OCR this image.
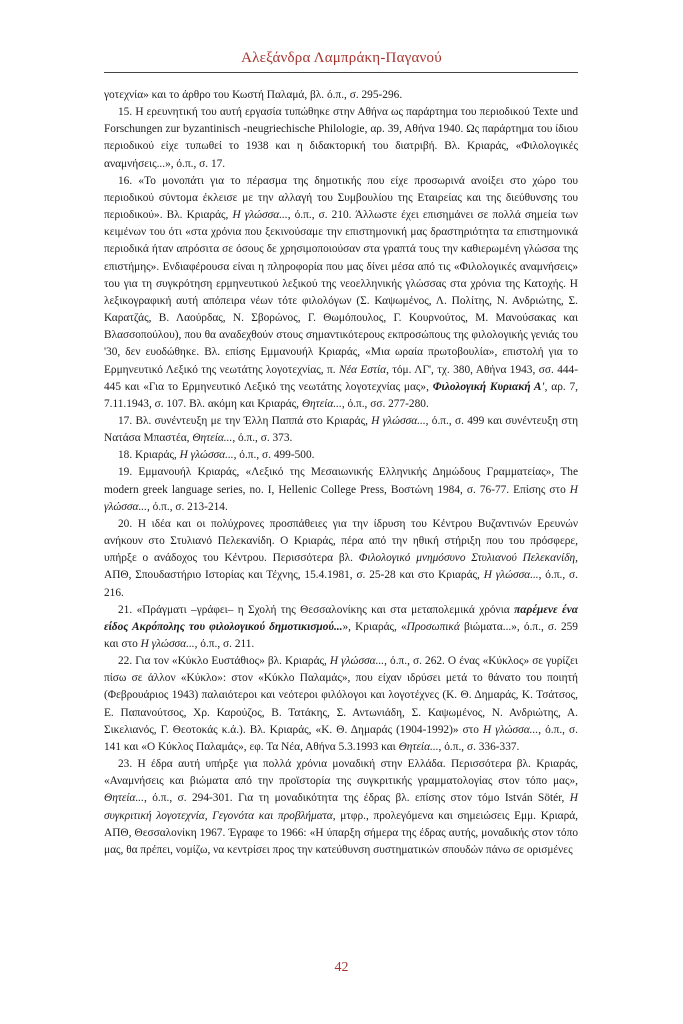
Αλεξάνδρα Λαμπράκη-Παγανού

γοτεχνία» και το άρθρο του Κωστή Παλαμά, βλ. ό.π., σ. 295-296.

15. Η ερευνητική του αυτή εργασία τυπώθηκε στην Αθήνα ως παράρτημα του περιοδικού Texte und Forschungen zur byzantinisch -neugriechische Philologie, αρ. 39, Αθήνα 1940. Ως παράρτημα του ίδιου περιοδικού είχε τυπωθεί το 1938 και η διδακτορική του διατριβή. Βλ. Κριαράς, «Φιλολογικές αναμνήσεις...», ό.π., σ. 17.

16. «Το μονοπάτι για το πέρασμα της δημοτικής που είχε προσωρινά ανοίξει στο χώρο του περιοδικού σύντομα έκλεισε με την αλλαγή του Συμβουλίου της Εταιρείας και της διεύθυνσης του περιοδικού». Βλ. Κριαράς, Η γλώσσα..., ό.π., σ. 210. Άλλωστε έχει επισημάνει σε πολλά σημεία των κειμένων του ότι «στα χρόνια που ξεκινούσαμε την επιστημονική μας δραστηριότητα τα επιστημονικά περιοδικά ήταν απρόσιτα σε όσους δε χρησιμοποιούσαν στα γραπτά τους την καθιερωμένη γλώσσα της επιστήμης». Ενδιαφέρουσα είναι η πληροφορία που μας δίνει μέσα από τις «Φιλολογικές αναμνήσεις» του για τη συγκρότηση ερμηνευτικού λεξικού της νεοελληνικής γλώσσας στα χρόνια της Κατοχής. Η λεξικογραφική αυτή απόπειρα νέων τότε φιλολόγων (Σ. Καψωμένος, Λ. Πολίτης, Ν. Ανδριώτης, Σ. Καρατζάς, Β. Λαούρδας, Ν. Σβορώνος, Γ. Θωμόπουλος, Γ. Κουρνούτος, Μ. Μανούσακας και Βλασσοπούλου), που θα αναδεχθούν στους σημαντικότερους εκπροσώπους της φιλολογικής γενιάς του '30, δεν ευοδώθηκε. Βλ. επίσης Εμμανουήλ Κριαράς, «Μια ωραία πρωτοβουλία», επιστολή για το Ερμηνευτικό Λεξικό της νεωτάτης λογοτεχνίας, π. Νέα Εστία, τόμ. ΛΓ', τχ. 380, Αθήνα 1943, σσ. 444-445 και «Για το Ερμηνευτικό Λεξικό της νεωτάτης λογοτεχνίας μας», Φιλολογική Κυριακή Α', αρ. 7, 7.11.1943, σ. 107. Βλ. ακόμη και Κριαράς, Θητεία..., ό.π., σσ. 277-280.

17. Βλ. συνέντευξη με την Έλλη Παππά στο Κριαράς, Η γλώσσα..., ό.π., σ. 499 και συνέντευξη στη Νατάσα Μπαστέα, Θητεία..., ό.π., σ. 373.

18. Κριαράς, Η γλώσσα..., ό.π., σ. 499-500.

19. Εμμανουήλ Κριαράς, «Λεξικό της Μεσαιωνικής Ελληνικής Δημώδους Γραμματείας», The modern greek language series, no. I, Hellenic College Press, Βοστώνη 1984, σ. 76-77. Επίσης στο Η γλώσσα..., ό.π., σ. 213-214.

20. Η ιδέα και οι πολύχρονες προσπάθειες για την ίδρυση του Κέντρου Βυζαντινών Ερευνών ανήκουν στο Στυλιανό Πελεκανίδη. Ο Κριαράς, πέρα από την ηθική στήριξη που του πρόσφερε, υπήρξε ο ανάδοχος του Κέντρου. Περισσότερα βλ. Φιλολογικό μνημόσυνο Στυλιανού Πελεκανίδη, ΑΠΘ, Σπουδαστήριο Ιστορίας και Τέχνης, 15.4.1981, σ. 25-28 και στο Κριαράς, Η γλώσσα..., ό.π., σ. 216.

21. «Πράγματι –γράφει– η Σχολή της Θεσσαλονίκης και στα μεταπολεμικά χρόνια παρέμενε ένα είδος Ακρόπολης του φιλολογικού δημοτικισμού...», Κριαράς, «Προσωπικά βιώματα...», ό.π., σ. 259 και στο Η γλώσσα..., ό.π., σ. 211.

22. Για τον «Κύκλο Ευστάθιος» βλ. Κριαράς, Η γλώσσα..., ό.π., σ. 262. Ο ένας «Κύκλος» σε γυρίζει πίσω σε άλλον «Κύκλο»: στον «Κύκλο Παλαμάς», που είχαν ιδρύσει μετά το θάνατο του ποιητή (Φεβρουάριος 1943) παλαιότεροι και νεότεροι φιλόλογοι και λογοτέχνες (Κ. Θ. Δημαράς, Κ. Τσάτσος, Ε. Παπανούτσος, Χρ. Καρούζος, Β. Τατάκης, Σ. Αντωνιάδη, Σ. Καψωμένος, Ν. Ανδριώτης, Α. Σικελιανός, Γ. Θεοτοκάς κ.ά.). Βλ. Κριαράς, «Κ. Θ. Δημαράς (1904-1992)» στο Η γλώσσα..., ό.π., σ. 141 και «Ο Κύκλος Παλαμάς», εφ. Τα Νέα, Αθήνα 5.3.1993 και Θητεία..., ό.π., σ. 336-337.

23. Η έδρα αυτή υπήρξε για πολλά χρόνια μοναδική στην Ελλάδα. Περισσότερα βλ. Κριαράς, «Αναμνήσεις και βιώματα από την προϊστορία της συγκριτικής γραμματολογίας στον τόπο μας», Θητεία..., ό.π., σ. 294-301. Για τη μοναδικότητα της έδρας βλ. επίσης στον τόμο István Sötér, Η συγκριτική λογοτεχνία, Γεγονότα και προβλήματα, μτφρ., προλεγόμενα και σημειώσεις Εμμ. Κριαρά, ΑΠΘ, Θεσσαλονίκη 1967. Έγραφε το 1966: «Η ύπαρξη σήμερα της έδρας αυτής, μοναδικής στον τόπο μας, θα πρέπει, νομίζω, να κεντρίσει προς την κατεύθυνση συστηματικών σπουδών πάνω σε ορισμένες

42
